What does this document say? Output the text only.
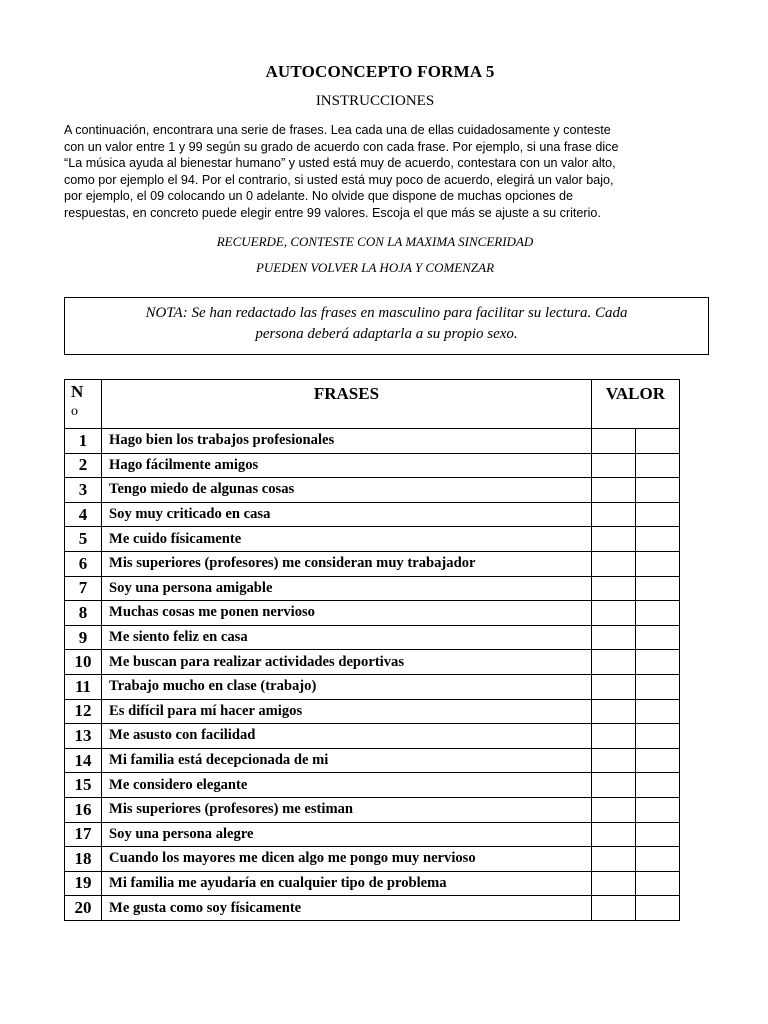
AUTOCONCEPTO FORMA 5
INSTRUCCIONES
A continuación, encontrara una serie de frases. Lea cada una de ellas cuidadosamente y conteste
con un valor entre 1 y 99 según su grado de acuerdo con cada frase. Por ejemplo, si una frase dice
“La música ayuda al bienestar humano” y usted está muy de acuerdo, contestara con un valor alto,
como por ejemplo el 94. Por el contrario, si usted está muy poco de acuerdo, elegirá un valor bajo,
por ejemplo, el 09 colocando un 0 adelante. No olvide que dispone de muchas opciones de
respuestas, en concreto puede elegir entre 99 valores. Escoja el que más se ajuste a su criterio.
RECUERDE, CONTESTE CON LA MAXIMA SINCERIDAD
PUEDEN VOLVER LA HOJA Y COMENZAR
NOTA: Se han redactado las frases en masculino para facilitar su lectura. Cada
persona deberá adaptarla a su propio sexo.
N
o	FRASES	VALOR	
1	Hago bien los trabajos profesionales		
2	Hago fácilmente amigos		
3	Tengo miedo de algunas cosas		
4	Soy muy criticado en casa		
5	Me cuido físicamente		
6	Mis superiores (profesores) me consideran muy trabajador		
7	Soy una persona amigable		
8	Muchas cosas me ponen nervioso		
9	Me siento feliz en casa		
10	Me buscan para realizar actividades deportivas		
11	Trabajo mucho en clase (trabajo)		
12	Es difícil para mí hacer amigos		
13	Me asusto con facilidad		
14	Mi familia está decepcionada de mi		
15	Me considero elegante		
16	Mis superiores (profesores) me estiman		
17	Soy una persona alegre		
18	Cuando los mayores me dicen algo me pongo muy nervioso		
19	Mi familia me ayudaría en cualquier tipo de problema		
20	Me gusta como soy físicamente		
